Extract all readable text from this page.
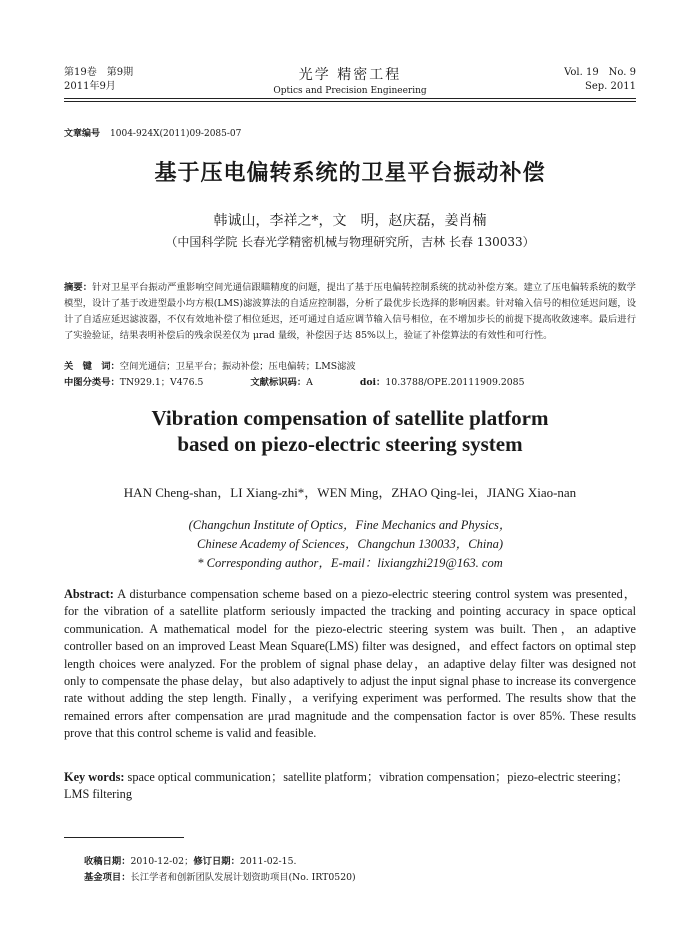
第19卷　第9期
2011年9月
光学 精密工程
Optics and Precision Engineering
Vol. 19　No. 9
Sep. 2011
文章编号 1004-924X(2011)09-2085-07
基于压电偏转系统的卫星平台振动补偿
韩诚山，李祥之*，文　明，赵庆磊，姜肖楠
（中国科学院 长春光学精密机械与物理研究所，吉林 长春 130033）
摘要：针对卫星平台振动严重影响空间光通信跟瞄精度的问题，提出了基于压电偏转控制系统的扰动补偿方案。建立了压电偏转系统的数学模型，设计了基于改进型最小均方根(LMS)滤波算法的自适应控制器，分析了最优步长选择的影响因素。针对输入信号的相位延迟问题，设计了自适应延迟滤波器，不仅有效地补偿了相位延迟，还可通过自适应调节输入信号相位，在不增加步长的前提下提高收敛速率。最后进行了实验验证，结果表明补偿后的残余误差仅为 μrad 量级，补偿因子达 85%以上，验证了补偿算法的有效性和可行性。
关　键　词：空间光通信；卫星平台；振动补偿；压电偏转；LMS滤波
中图分类号：TN929.1；V476.5	文献标识码：A	doi：10.3788/OPE.20111909.2085
Vibration compensation of satellite platform
based on piezo-electric steering system
HAN Cheng-shan，LI Xiang-zhi*，WEN Ming，ZHAO Qing-lei，JIANG Xiao-nan
(Changchun Institute of Optics，Fine Mechanics and Physics，
Chinese Academy of Sciences，Changchun 130033，China)
* Corresponding author，E-mail：lixiangzhi219@163. com
Abstract: A disturbance compensation scheme based on a piezo-electric steering control system was presented，for the vibration of a satellite platform seriously impacted the tracking and pointing accuracy in space optical communication. A mathematical model for the piezo-electric steering system was built. Then，an adaptive controller based on an improved Least Mean Square(LMS) filter was designed，and effect factors on optimal step length choices were analyzed. For the problem of signal phase delay，an adaptive delay filter was designed not only to compensate the phase delay，but also adaptively to adjust the input signal phase to increase its convergence rate without adding the step length. Finally，a verifying experiment was performed. The results show that the remained errors after compensation are μrad magnitude and the compensation factor is over 85%. These results prove that this control scheme is valid and feasible.
Key words: space optical communication；satellite platform；vibration compensation；piezo-electric steering；LMS filtering
收稿日期：2010-12-02；修订日期：2011-02-15.
基金项目：长江学者和创新团队发展计划资助项目(No. IRT0520)
